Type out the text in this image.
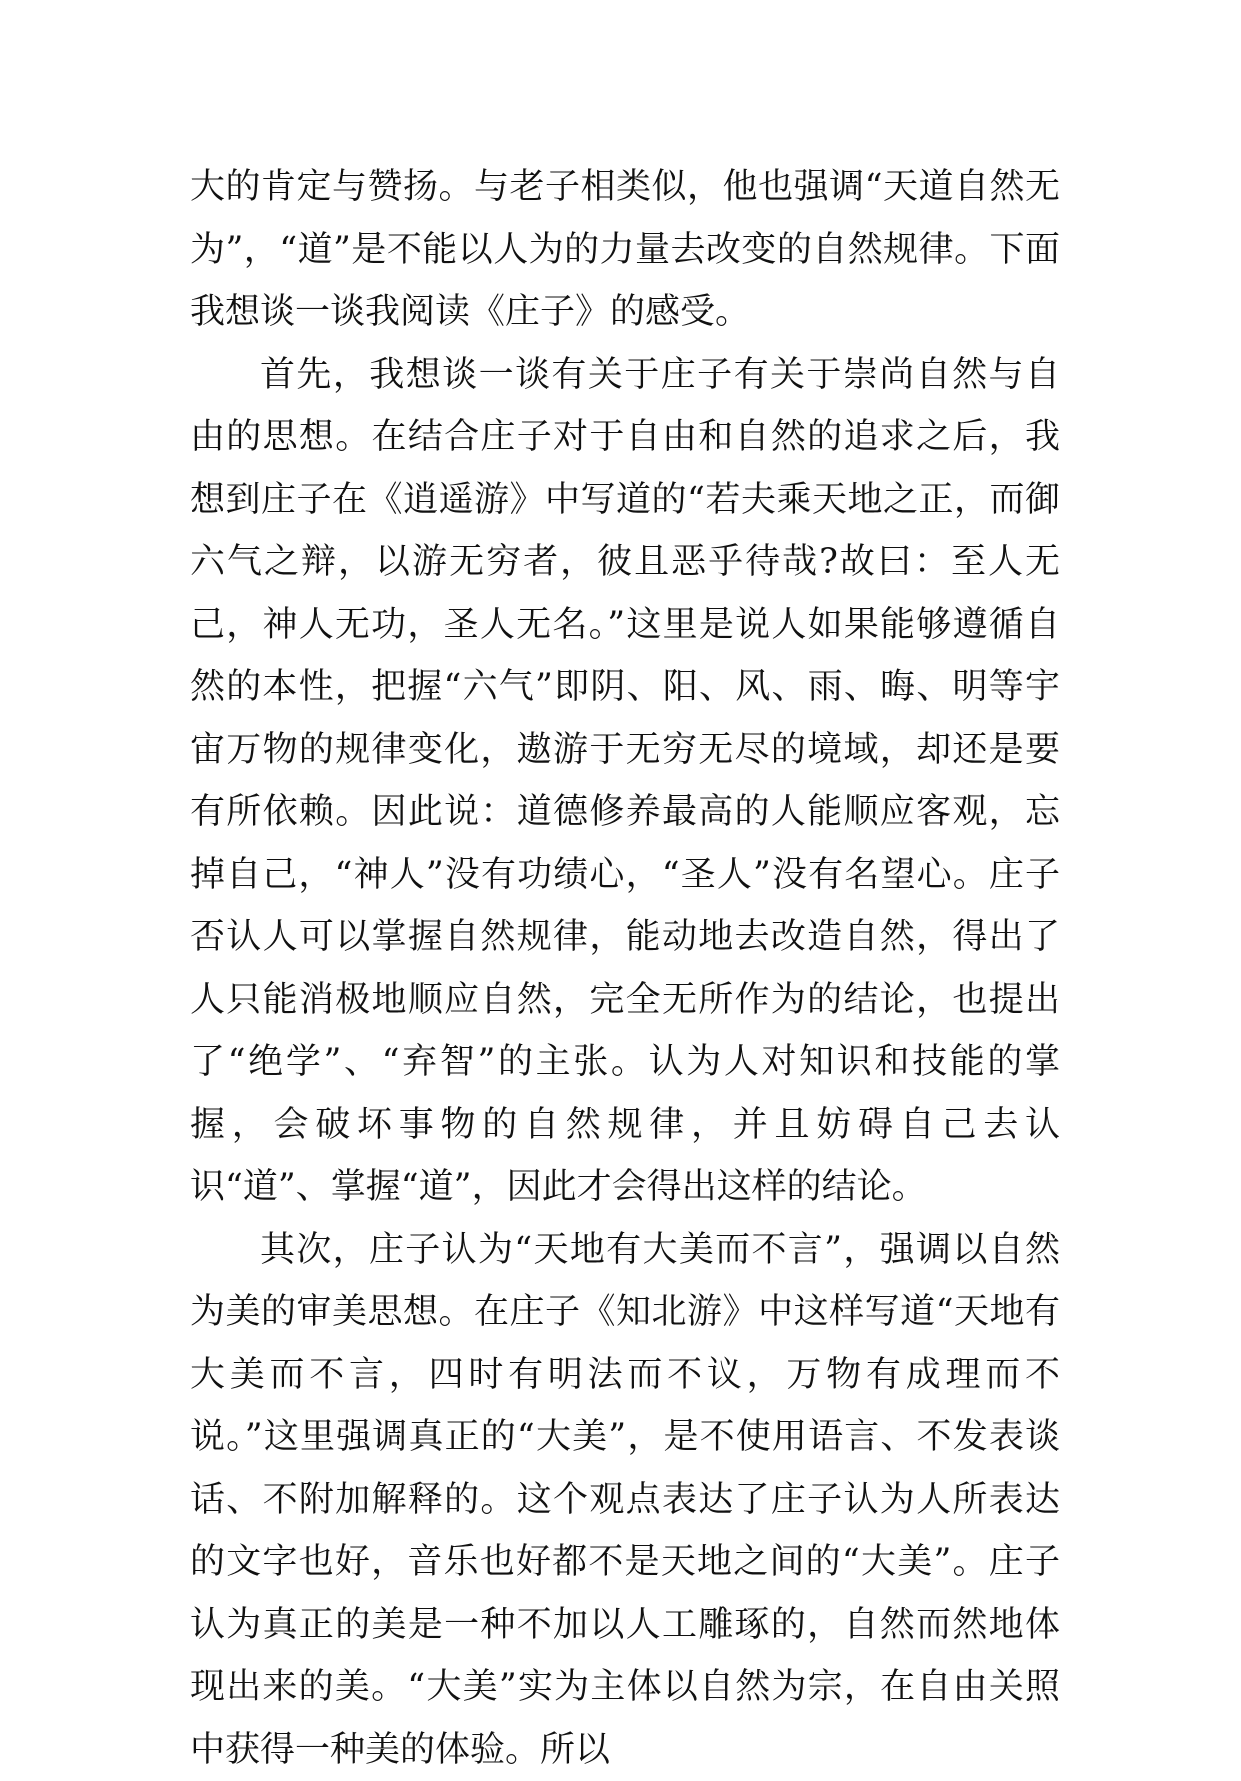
大的肯定与赞扬。与老子相类似，他也强调“天道自然无为”，“道”是不能以人为的力量去改变的自然规律。下面我想谈一谈我阅读《庄子》的感受。

首先，我想谈一谈有关于庄子有关于崇尚自然与自由的思想。在结合庄子对于自由和自然的追求之后，我想到庄子在《逍遥游》中写道的“若夫乘天地之正，而御六气之辩，以游无穷者，彼且恶乎待哉?故曰：至人无己，神人无功，圣人无名。”这里是说人如果能够遵循自然的本性，把握“六气”即阴、阳、风、雨、晦、明等宇宙万物的规律变化，遨游于无穷无尽的境域，却还是要有所依赖。因此说：道德修养最高的人能顺应客观，忘掉自己，“神人”没有功绩心，“圣人”没有名望心。庄子否认人可以掌握自然规律，能动地去改造自然，得出了人只能消极地顺应自然，完全无所作为的结论，也提出了“绝学”、“弃智”的主张。认为人对知识和技能的掌握，会破坏事物的自然规律，并且妨碍自己去认识“道”、掌握“道”，因此才会得出这样的结论。

其次，庄子认为“天地有大美而不言”，强调以自然为美的审美思想。在庄子《知北游》中这样写道“天地有大美而不言，四时有明法而不议，万物有成理而不说。”这里强调真正的“大美”，是不使用语言、不发表谈话、不附加解释的。这个观点表达了庄子认为人所表达的文字也好，音乐也好都不是天地之间的“大美”。庄子认为真正的美是一种不加以人工雕琢的，自然而然地体现出来的美。“大美”实为主体以自然为宗，在自由关照中获得一种美的体验。所以
